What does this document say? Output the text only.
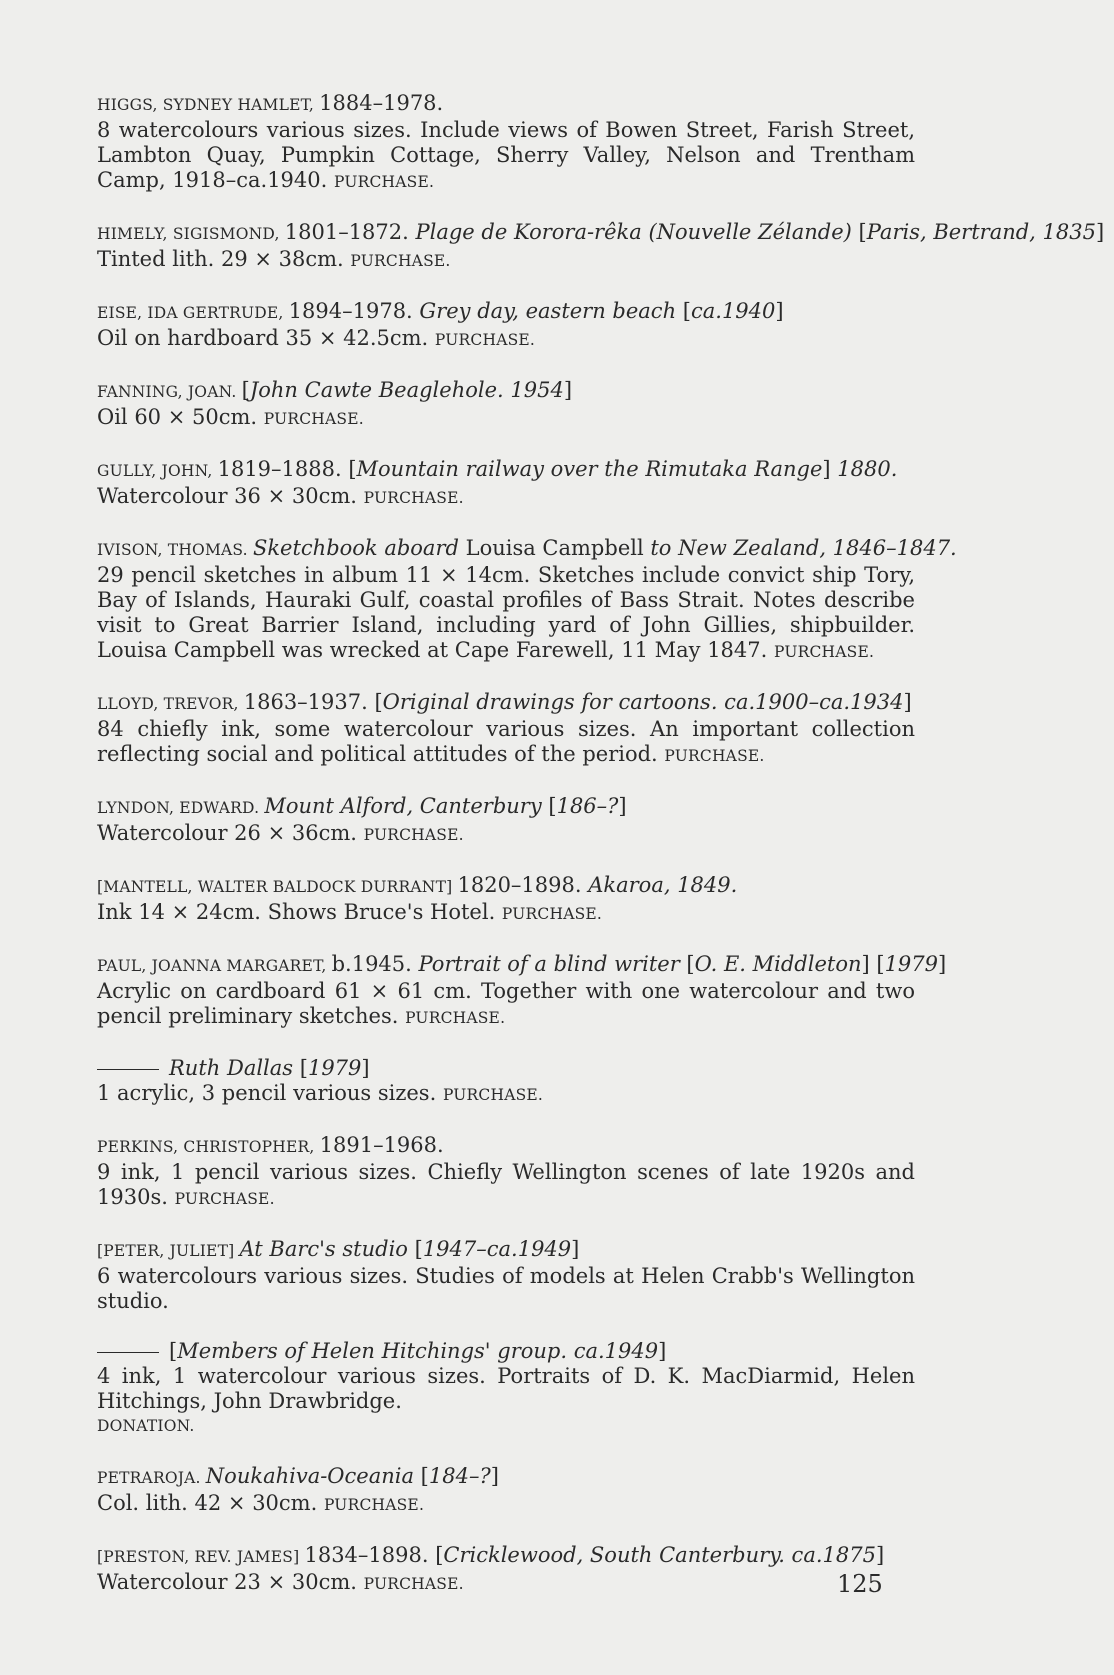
HIGGS, SYDNEY HAMLET, 1884–1978.
8 watercolours various sizes. Include views of Bowen Street, Farish Street, Lambton Quay, Pumpkin Cottage, Sherry Valley, Nelson and Trentham Camp, 1918–ca.1940. PURCHASE.
HIMELY, SIGISMOND, 1801–1872. Plage de Korora-rêka (Nouvelle Zélande) [Paris, Bertrand, 1835]
Tinted lith. 29 × 38cm. PURCHASE.
EISE, IDA GERTRUDE, 1894–1978. Grey day, eastern beach [ca.1940]
Oil on hardboard 35 × 42.5cm. PURCHASE.
FANNING, JOAN. [John Cawte Beaglehole. 1954]
Oil 60 × 50cm. PURCHASE.
GULLY, JOHN, 1819–1888. [Mountain railway over the Rimutaka Range] 1880.
Watercolour 36 × 30cm. PURCHASE.
IVISON, THOMAS. Sketchbook aboard Louisa Campbell to New Zealand, 1846–1847.
29 pencil sketches in album 11 × 14cm. Sketches include convict ship Tory, Bay of Islands, Hauraki Gulf, coastal profiles of Bass Strait. Notes describe visit to Great Barrier Island, including yard of John Gillies, shipbuilder. Louisa Campbell was wrecked at Cape Farewell, 11 May 1847. PURCHASE.
LLOYD, TREVOR, 1863–1937. [Original drawings for cartoons. ca.1900–ca.1934]
84 chiefly ink, some watercolour various sizes. An important collection reflecting social and political attitudes of the period. PURCHASE.
LYNDON, EDWARD. Mount Alford, Canterbury [186–?]
Watercolour 26 × 36cm. PURCHASE.
[MANTELL, WALTER BALDOCK DURRANT] 1820–1898. Akaroa, 1849.
Ink 14 × 24cm. Shows Bruce's Hotel. PURCHASE.
PAUL, JOANNA MARGARET, b.1945. Portrait of a blind writer [O. E. Middleton] [1979]
Acrylic on cardboard 61 × 61 cm. Together with one watercolour and two pencil preliminary sketches. PURCHASE.
Ruth Dallas [1979]
1 acrylic, 3 pencil various sizes. PURCHASE.
PERKINS, CHRISTOPHER, 1891–1968.
9 ink, 1 pencil various sizes. Chiefly Wellington scenes of late 1920s and 1930s. PURCHASE.
[PETER, JULIET] At Barc's studio [1947–ca.1949]
6 watercolours various sizes. Studies of models at Helen Crabb's Wellington studio.
[Members of Helen Hitchings' group. ca.1949]
4 ink, 1 watercolour various sizes. Portraits of D. K. MacDiarmid, Helen Hitchings, John Drawbridge.
DONATION.
PETRAROJA. Noukahiva-Oceania [184–?]
Col. lith. 42 × 30cm. PURCHASE.
[PRESTON, REV. JAMES] 1834–1898. [Cricklewood, South Canterbury. ca.1875]
Watercolour 23 × 30cm. PURCHASE.	125
